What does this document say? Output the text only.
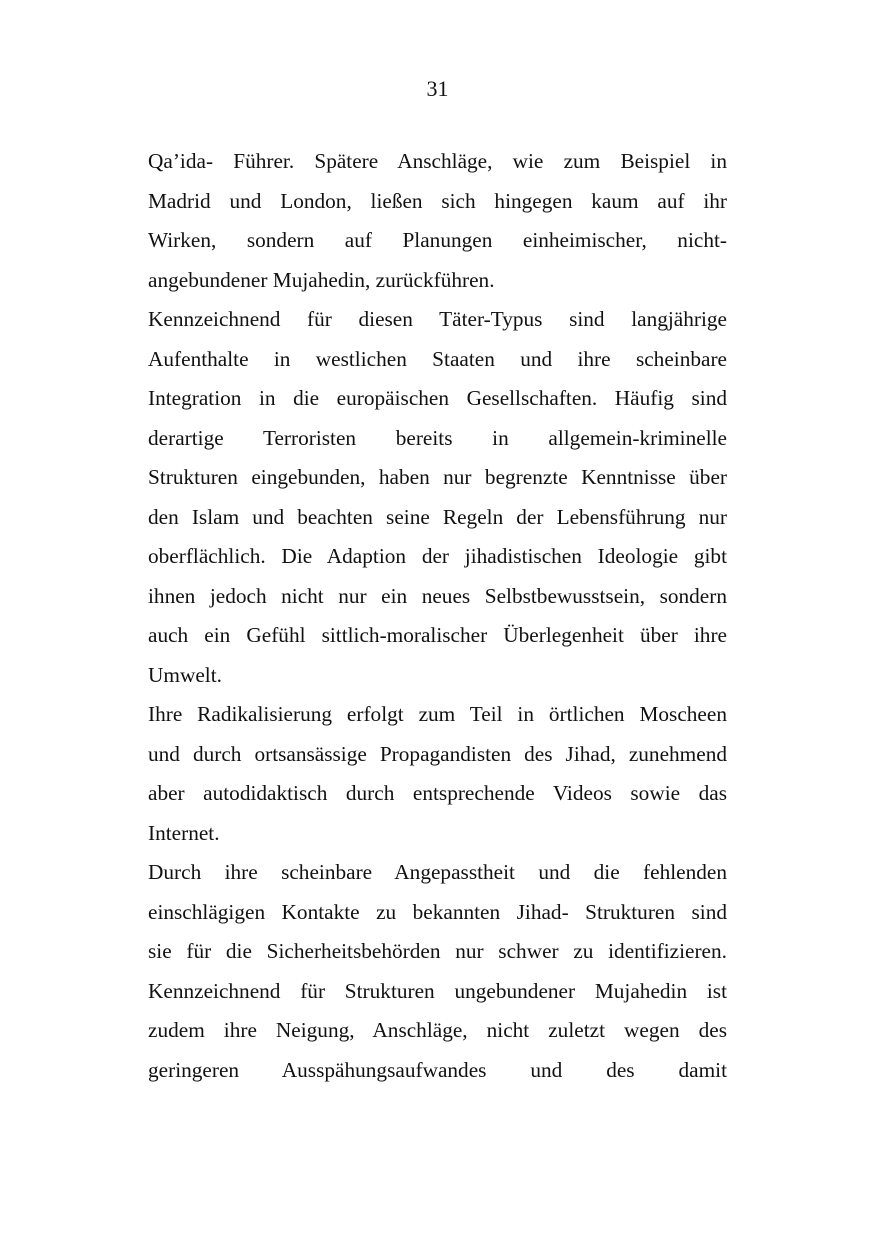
31
Qa’ida- Führer. Spätere Anschläge, wie zum Beispiel in
Madrid und London, ließen sich hingegen kaum auf ihr
Wirken, sondern auf Planungen einheimischer, nicht-
angebundener Mujahedin, zurückführen.
Kennzeichnend für diesen Täter-Typus sind langjährige
Aufenthalte in westlichen Staaten und ihre scheinbare
Integration in die europäischen Gesellschaften. Häufig sind
derartige Terroristen bereits in allgemein-kriminelle
Strukturen eingebunden, haben nur begrenzte Kenntnisse über
den Islam und beachten seine Regeln der Lebensführung nur
oberflächlich. Die Adaption der jihadistischen Ideologie gibt
ihnen jedoch nicht nur ein neues Selbstbewusstsein, sondern
auch ein Gefühl sittlich-moralischer Überlegenheit über ihre
Umwelt.
Ihre Radikalisierung erfolgt zum Teil in örtlichen Moscheen
und durch ortsansässige Propagandisten des Jihad, zunehmend
aber autodidaktisch durch entsprechende Videos sowie das
Internet.
Durch ihre scheinbare Angepasstheit und die fehlenden
einschlägigen Kontakte zu bekannten Jihad- Strukturen sind
sie für die Sicherheitsbehörden nur schwer zu identifizieren.
Kennzeichnend für Strukturen ungebundener Mujahedin ist
zudem ihre Neigung, Anschläge, nicht zuletzt wegen des
geringeren Ausspähungsaufwandes und des damit
